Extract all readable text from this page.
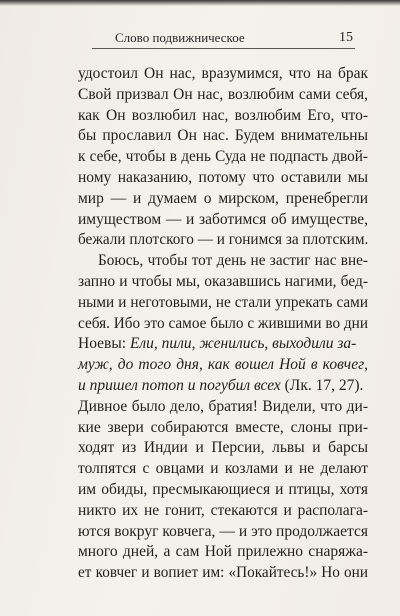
Слово подвижническое	15
удостоил Он нас, вразумимся, что на брак
Свой призвал Он нас, возлюбим сами себя,
как Он возлюбил нас, возлюбим Его, что-
бы прославил Он нас. Будем внимательны
к себе, чтобы в день Суда не подпасть двой-
ному наказанию, потому что оставили мы
мир — и думаем о мирском, пренебрегли
имуществом — и заботимся об имуществе,
бежали плотского — и гонимся за плотским.
Боюсь, чтобы тот день не застиг нас вне-
запно и чтобы мы, оказавшись нагими, бед-
ными и неготовыми, не стали упрекать сами
себя. Ибо это самое было с жившими во дни
Ноевы: Ели, пили, женились, выходили за-
муж, до того дня, как вошел Ной в ковчег,
и пришел потоп и погубил всех (Лк. 17, 27).
Дивное было дело, братия! Видели, что ди-
кие звери собираются вместе, слоны при-
ходят из Индии и Персии, львы и барсы
толпятся с овцами и козлами и не делают
им обиды, пресмыкающиеся и птицы, хотя
никто их не гонит, стекаются и располага-
ются вокруг ковчега, — и это продолжается
много дней, а сам Ной прилежно снаряжа-
ет ковчег и вопиет им: «Покайтесь!» Но они
